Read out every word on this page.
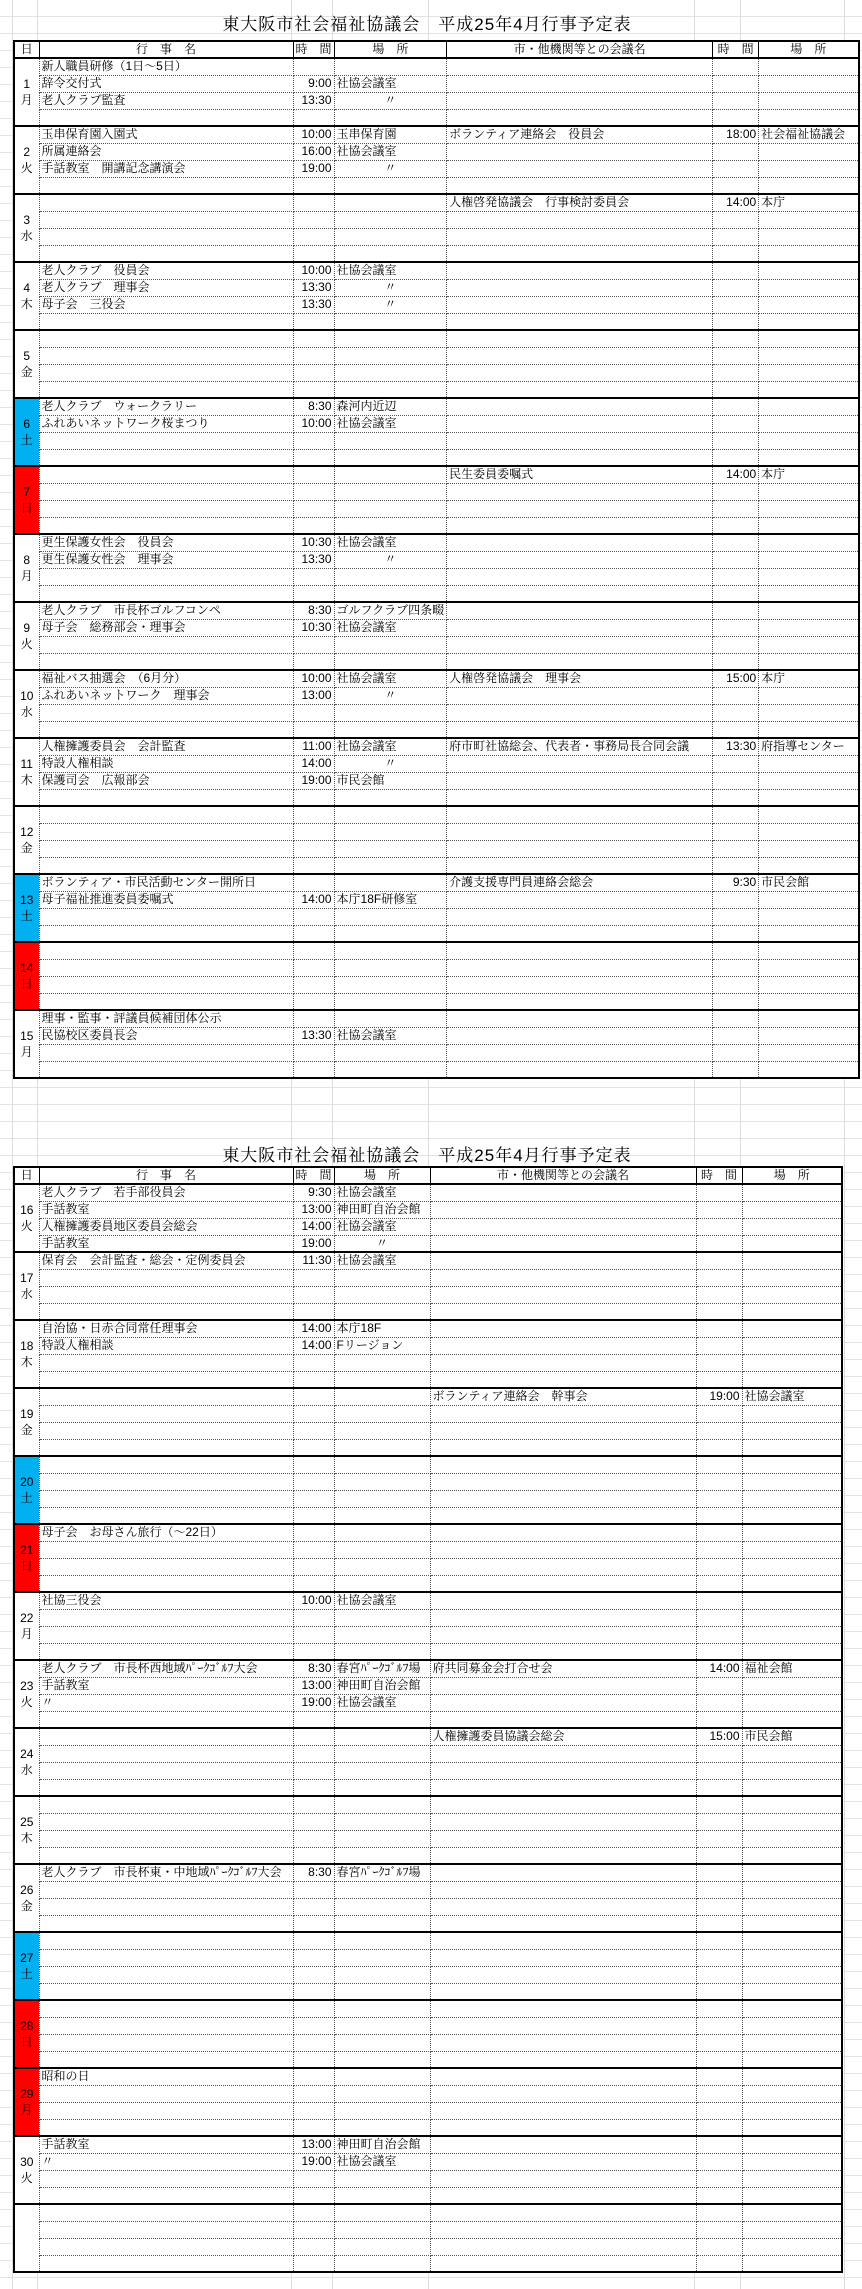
東大阪市社会福祉協議会　平成25年4月行事予定表
日	行　事　名	時　間	場　所	市・他機関等との会議名	時　間	場　所

1
月	新人職員研修（1日～5日）					
	辞令交付式	9:00	社協会議室			
	老人クラブ監査	13:30	〃			

2
火	玉串保育園入園式	10:00	玉串保育園	ボランティア連絡会　役員会	18:00	社会福祉協議会
	所属連絡会	16:00	社協会議室			
	手話教室　開講記念講演会	19:00	〃			

3
水				人権啓発協議会　行事検討委員会	14:00	本庁

4
木	老人クラブ　役員会	10:00	社協会議室			
	老人クラブ　理事会	13:30	〃			
	母子会　三役会	13:30	〃			

5
金						

6
土	老人クラブ　ウォークラリー	8:30	森河内近辺			
	ふれあいネットワーク桜まつり	10:00	社協会議室			

7
日				民生委員委嘱式	14:00	本庁

8
月	更生保護女性会　役員会	10:30	社協会議室			
	更生保護女性会　理事会	13:30	〃			

9
火	老人クラブ　市長杯ゴルフコンペ	8:30	ゴルフクラブ四条畷			
	母子会　総務部会・理事会	10:30	社協会議室			

10
水	福祉バス抽選会　（6月分）	10:00	社協会議室	人権啓発協議会　理事会	15:00	本庁
	ふれあいネットワーク　理事会	13:00	〃			

11
木	人権擁護委員会　会計監査	11:00	社協会議室	府市町社協総会、代表者・事務局長合同会議	13:30	府指導センター
	特設人権相談	14:00	〃			
	保護司会　広報部会	19:00	市民会館			

12
金						

13
土	ボランティア・市民活動センター開所日			介護支援専門員連絡会総会	9:30	市民会館
	母子福祉推進委員委嘱式	14:00	本庁18F研修室			

14
日						

15
月	理事・監事・評議員候補団体公示					
	民協校区委員長会	13:30	社協会議室			

東大阪市社会福祉協議会　平成25年4月行事予定表
日	行　事　名	時　間	場　所	市・他機関等との会議名	時　間	場　所

16
火	老人クラブ　若手部役員会	9:30	社協会議室			
	手話教室	13:00	神田町自治会館			
	人権擁護委員地区委員会総会	14:00	社協会議室			
	手話教室	19:00	〃			

17
水	保育会　会計監査・総会・定例委員会	11:30	社協会議室			

18
木	自治協・日赤合同常任理事会	14:00	本庁18F			
	特設人権相談	14:00	Fリージョン			

19
金				ボランティア連絡会　幹事会	19:00	社協会議室

20
土						

21
日	母子会　お母さん旅行（～22日）					

22
月	社協三役会	10:00	社協会議室			

23
火	老人クラブ　市長杯西地域ﾊﾟｰｸｺﾞﾙﾌ大会	8:30	春宮ﾊﾟｰｸｺﾞﾙﾌ場	府共同募金会打合せ会	14:00	福祉会館
	手話教室	13:00	神田町自治会館			
	〃	19:00	社協会議室			

24
水				人権擁護委員協議会総会	15:00	市民会館

25
木						

26
金	老人クラブ　市長杯東・中地域ﾊﾟｰｸｺﾞﾙﾌ大会	8:30	春宮ﾊﾟｰｸｺﾞﾙﾌ場			

27
土						

28
日						

29
月	昭和の日					

30
火	手話教室	13:00	神田町自治会館			
	〃	19:00	社協会議室			
